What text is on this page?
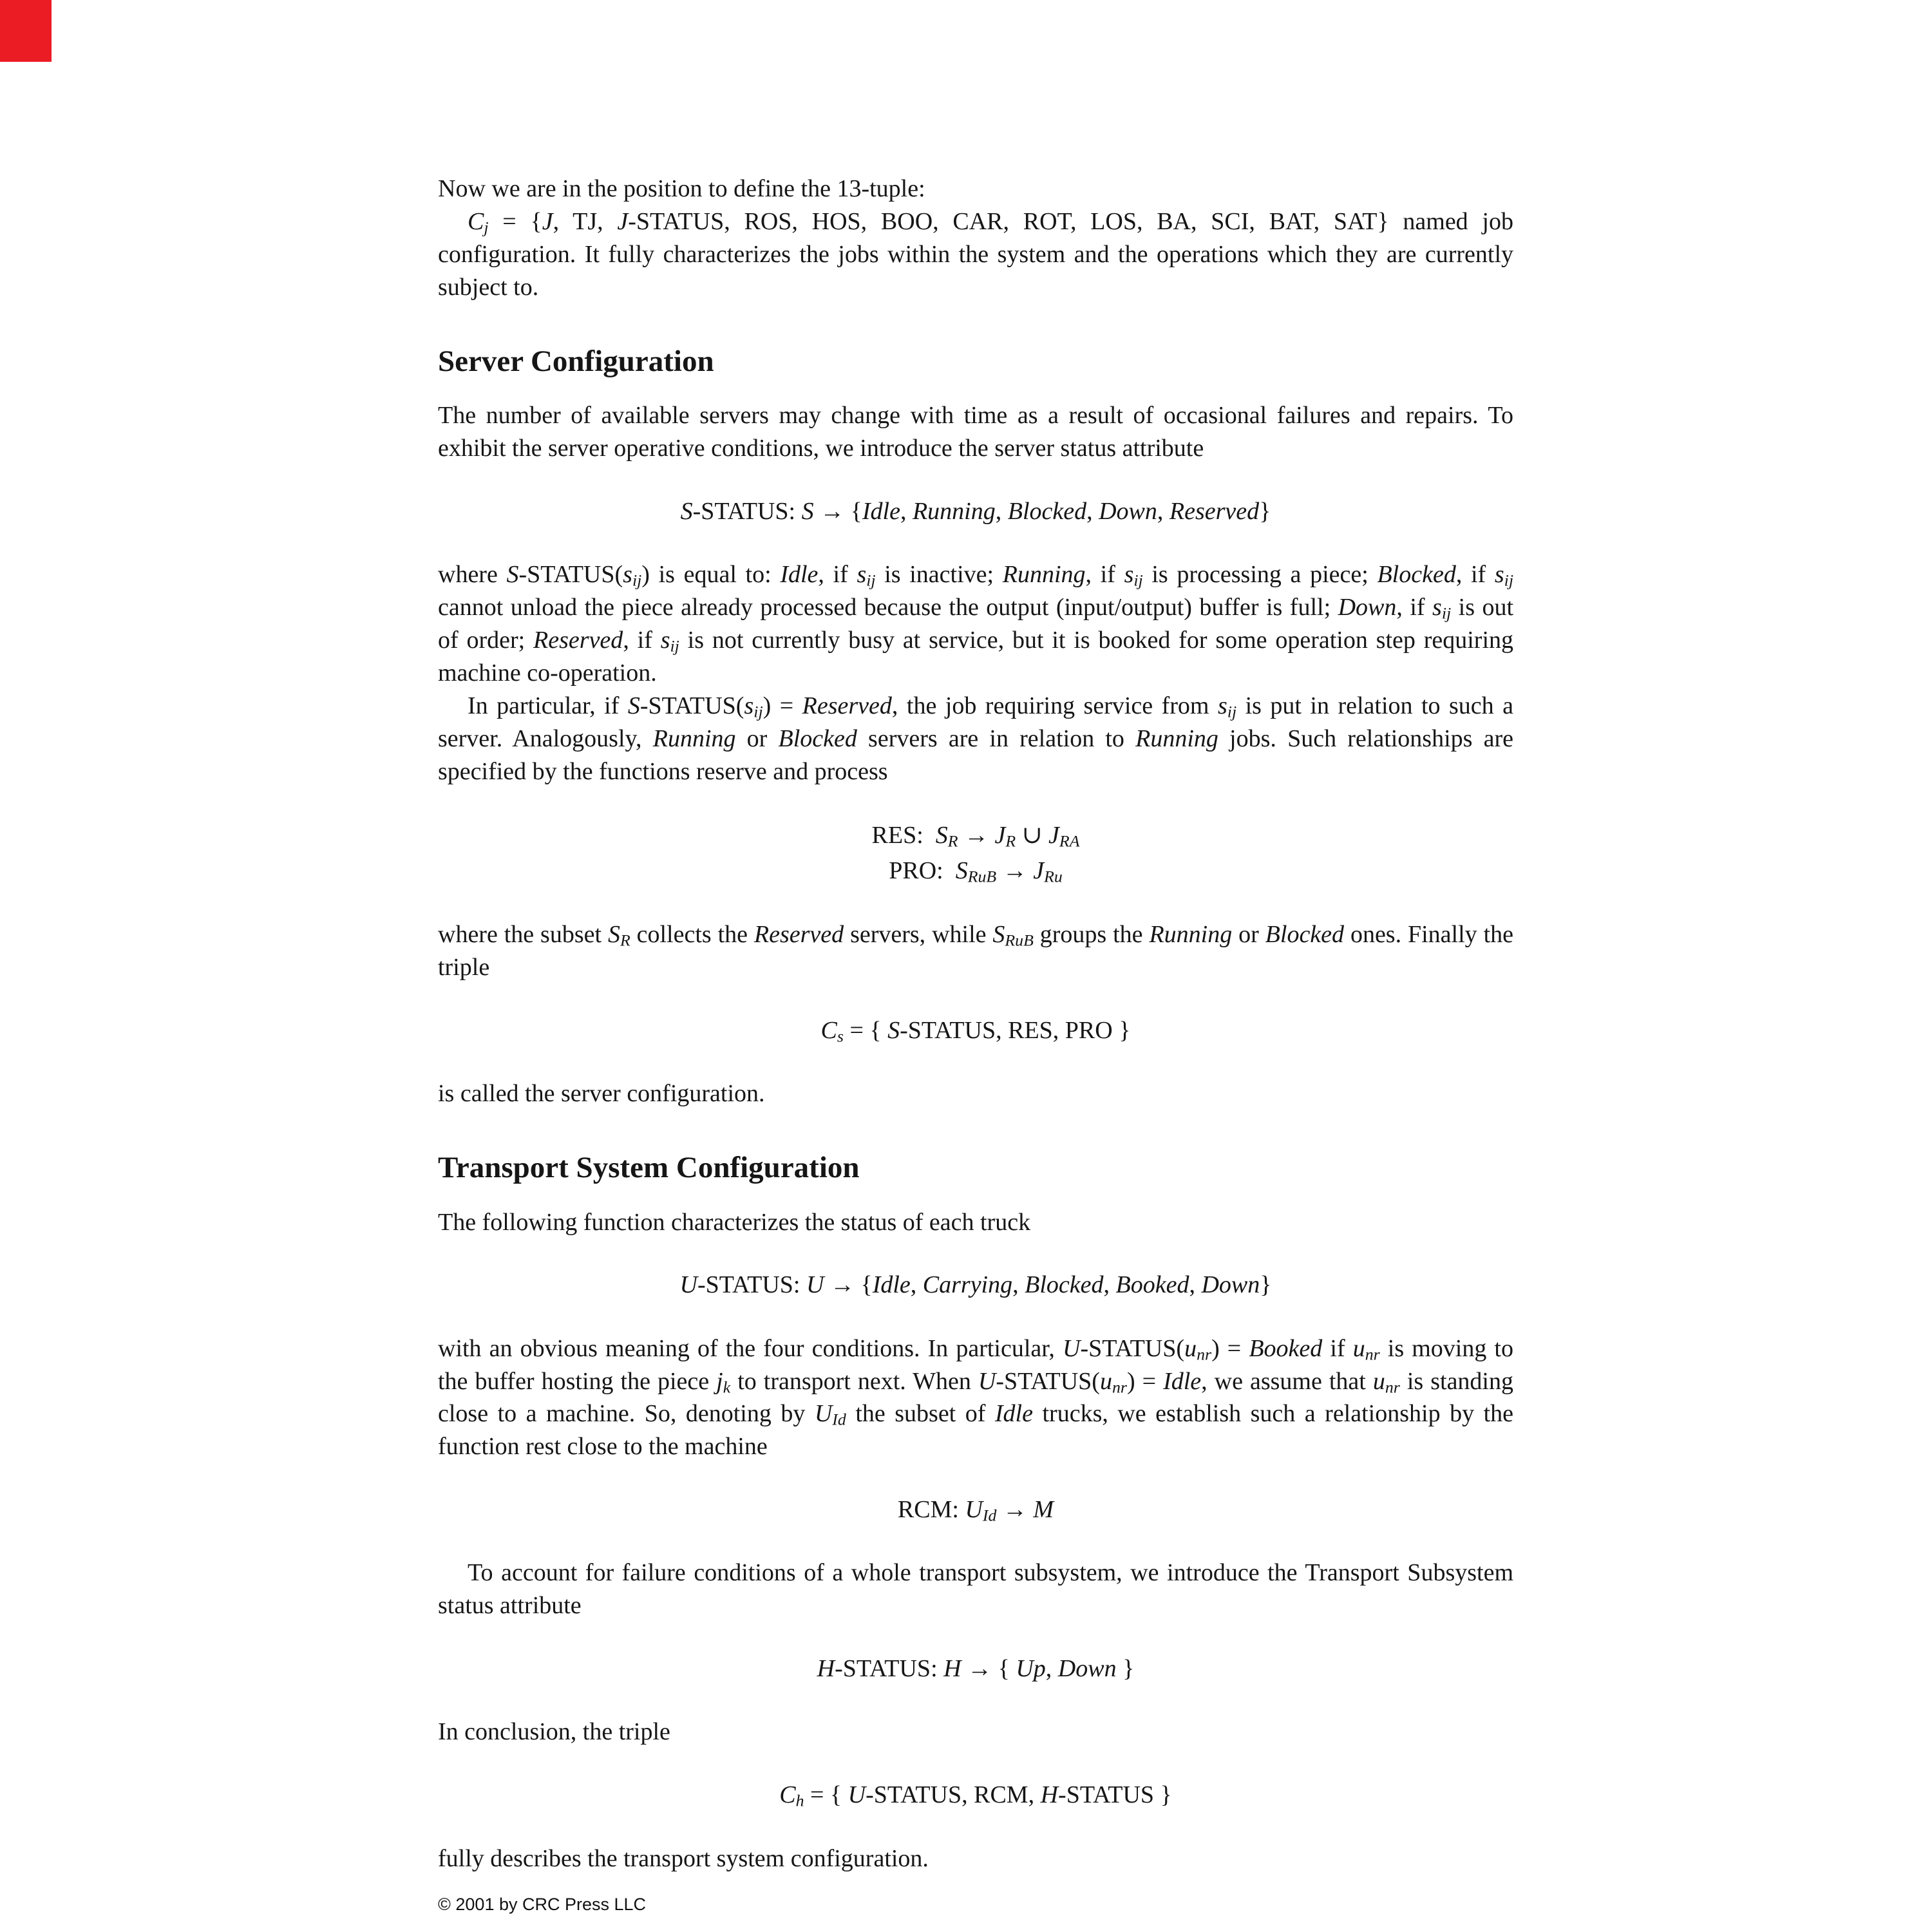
Now we are in the position to define the 13-tuple:

$C_j = \{J$, TJ, J-STATUS, ROS, HOS, BOO, CAR, ROT, LOS, BA, SCI, BAT, SAT} named job configuration. It fully characterizes the jobs within the system and the operations which they are currently subject to.

Server Configuration

The number of available servers may change with time as a result of occasional failures and repairs. To exhibit the server operative conditions, we introduce the server status attribute

S-STATUS: S → {Idle, Running, Blocked, Down, Reserved}

where $S-STATUS(s_{ij})$ is equal to: Idle, if $s_{ij}$ is inactive; Running, if $s_{ij}$ is processing a piece; Blocked, if $s_{ij}$ cannot unload the piece already processed because the output (input/output) buffer is full; Down, if $s_{ij}$ is out of order; Reserved, if $s_{ij}$ is not currently busy at service, but it is booked for some operation step requiring machine co-operation.

In particular, if $S-STATUS(s_{ij})$ = Reserved, the job requiring service from $s_{ij}$ is put in relation to such a server. Analogously, Running or Blocked servers are in relation to Running jobs. Such relationships are specified by the functions reserve and process

RES:  $S_R \to J_R$ ∪ $J_{RA}$
PRO:  $S_{RuB} \to J_{Ru}$

where the subset $S_R$ collects the Reserved servers, while $S_{RuB}$ groups the Running or Blocked ones. Finally the triple

$C_s$ = { S-STATUS, RES, PRO }

is called the server configuration.

Transport System Configuration

The following function characterizes the status of each truck

U-STATUS: U → {Idle, Carrying, Blocked, Booked, Down}

with an obvious meaning of the four conditions. In particular, $U-STATUS(u_{nr})$ = Booked if $u_{nr}$ is moving to the buffer hosting the piece $j_k$ to transport next. When $U-STATUS(u_{nr})$ = Idle, we assume that $u_{nr}$ is standing close to a machine. So, denoting by $U_{Id}$ the subset of Idle trucks, we establish such a relationship by the function rest close to the machine

RCM: $U_{Id} \to M$

To account for failure conditions of a whole transport subsystem, we introduce the Transport Subsystem status attribute

H-STATUS: H → { Up, Down }

In conclusion, the triple

$C_h$ = { U-STATUS, RCM, H-STATUS }

fully describes the transport system configuration.

© 2001 by CRC Press LLC
